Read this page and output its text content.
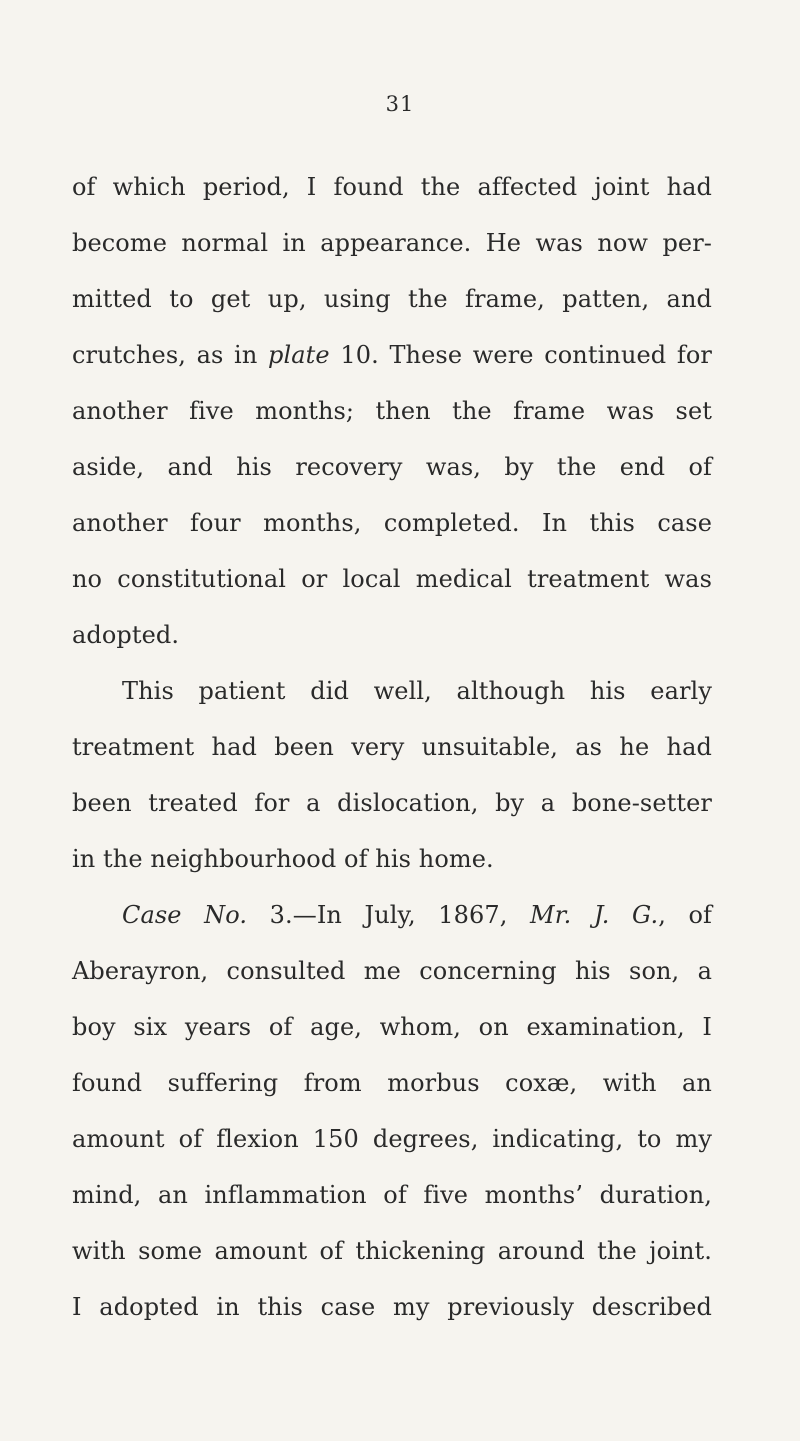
31
of which period, I found the affected joint had
become normal in appearance. He was now per-
mitted to get up, using the frame, patten, and
crutches, as in plate 10. These were continued for
another five months; then the frame was set
aside, and his recovery was, by the end of
another four months, completed. In this case
no constitutional or local medical treatment was
adopted.
This patient did well, although his early
treatment had been very unsuitable, as he had
been treated for a dislocation, by a bone-setter
in the neighbourhood of his home.
Case No. 3.—In July, 1867, Mr. J. G., of
Aberayron, consulted me concerning his son, a
boy six years of age, whom, on examination, I
found suffering from morbus coxæ, with an
amount of flexion 150 degrees, indicating, to my
mind, an inflammation of five months’ duration,
with some amount of thickening around the joint.
I adopted in this case my previously described
